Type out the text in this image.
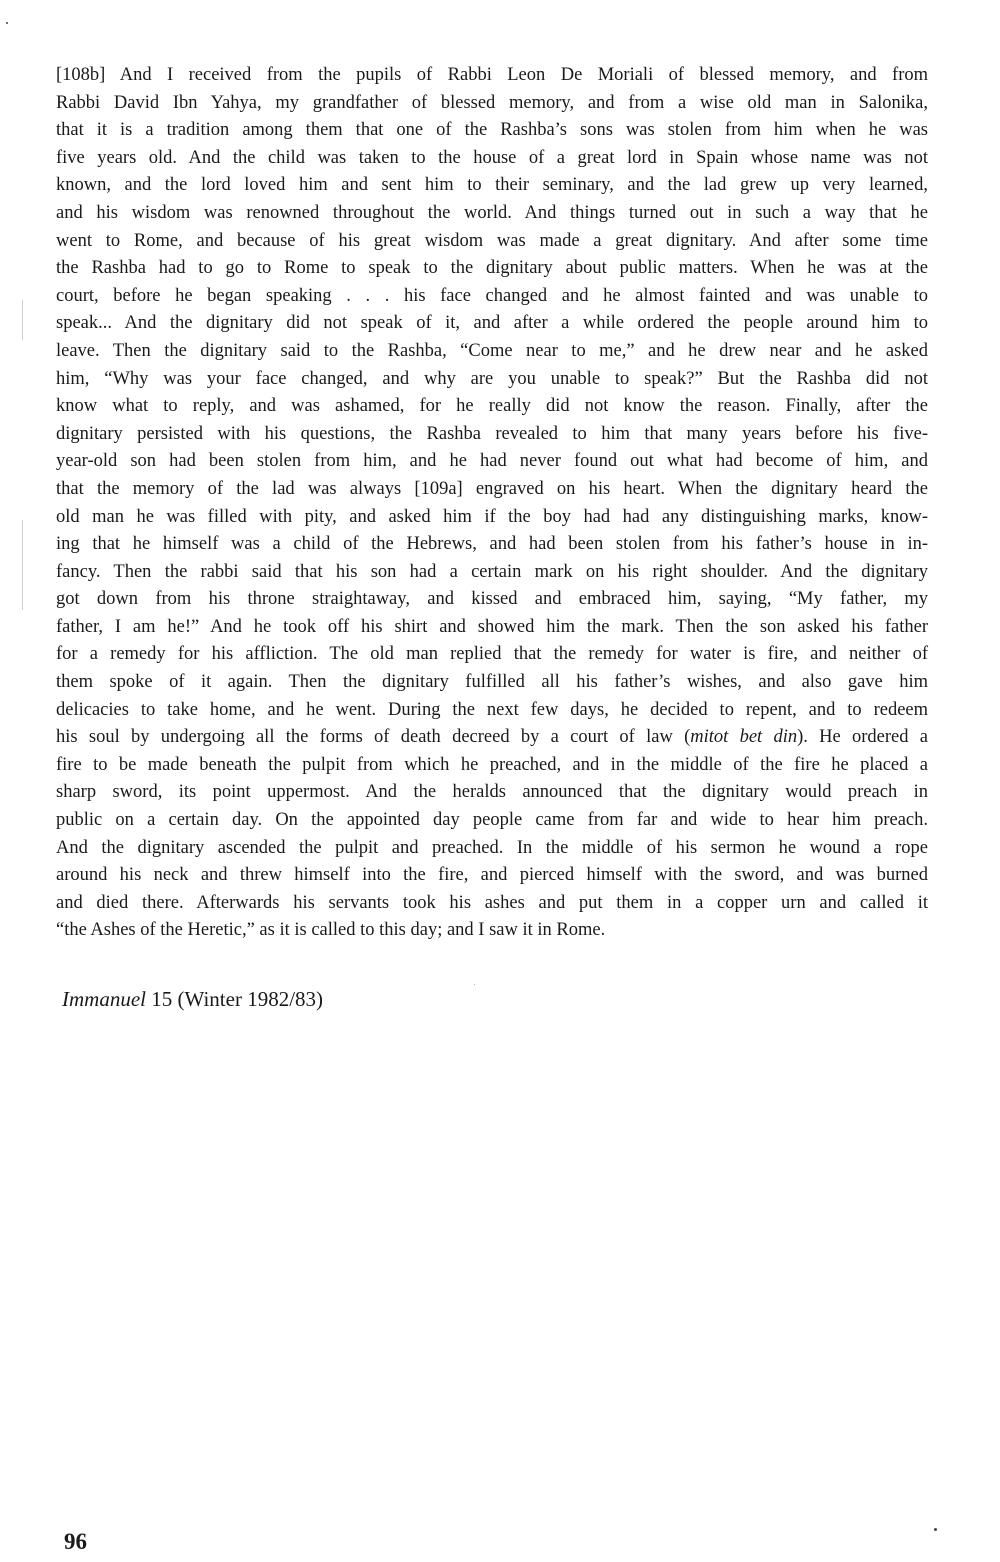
[108b] And I received from the pupils of Rabbi Leon De Moriali of blessed memory, and from
Rabbi David Ibn Yahya, my grandfather of blessed memory, and from a wise old man in Salonika,
that it is a tradition among them that one of the Rashba’s sons was stolen from him when he was
five years old. And the child was taken to the house of a great lord in Spain whose name was not
known, and the lord loved him and sent him to their seminary, and the lad grew up very learned,
and his wisdom was renowned throughout the world. And things turned out in such a way that he
went to Rome, and because of his great wisdom was made a great dignitary. And after some time
the Rashba had to go to Rome to speak to the dignitary about public matters. When he was at the
court, before he began speaking . . . his face changed and he almost fainted and was unable to
speak... And the dignitary did not speak of it, and after a while ordered the people around him to
leave. Then the dignitary said to the Rashba, “Come near to me,” and he drew near and he asked
him, “Why was your face changed, and why are you unable to speak?” But the Rashba did not
know what to reply, and was ashamed, for he really did not know the reason. Finally, after the
dignitary persisted with his questions, the Rashba revealed to him that many years before his five-
year-old son had been stolen from him, and he had never found out what had become of him, and
that the memory of the lad was always [109a] engraved on his heart. When the dignitary heard the
old man he was filled with pity, and asked him if the boy had had any distinguishing marks, know-
ing that he himself was a child of the Hebrews, and had been stolen from his father’s house in in-
fancy. Then the rabbi said that his son had a certain mark on his right shoulder. And the dignitary
got down from his throne straightaway, and kissed and embraced him, saying, “My father, my
father, I am he!” And he took off his shirt and showed him the mark. Then the son asked his father
for a remedy for his affliction. The old man replied that the remedy for water is fire, and neither of
them spoke of it again. Then the dignitary fulfilled all his father’s wishes, and also gave him
delicacies to take home, and he went. During the next few days, he decided to repent, and to redeem
his soul by undergoing all the forms of death decreed by a court of law (mitot bet din). He ordered a
fire to be made beneath the pulpit from which he preached, and in the middle of the fire he placed a
sharp sword, its point uppermost. And the heralds announced that the dignitary would preach in
public on a certain day. On the appointed day people came from far and wide to hear him preach.
And the dignitary ascended the pulpit and preached. In the middle of his sermon he wound a rope
around his neck and threw himself into the fire, and pierced himself with the sword, and was burned
and died there. Afterwards his servants took his ashes and put them in a copper urn and called it
“the Ashes of the Heretic,” as it is called to this day; and I saw it in Rome.
Immanuel 15 (Winter 1982/83)
96
